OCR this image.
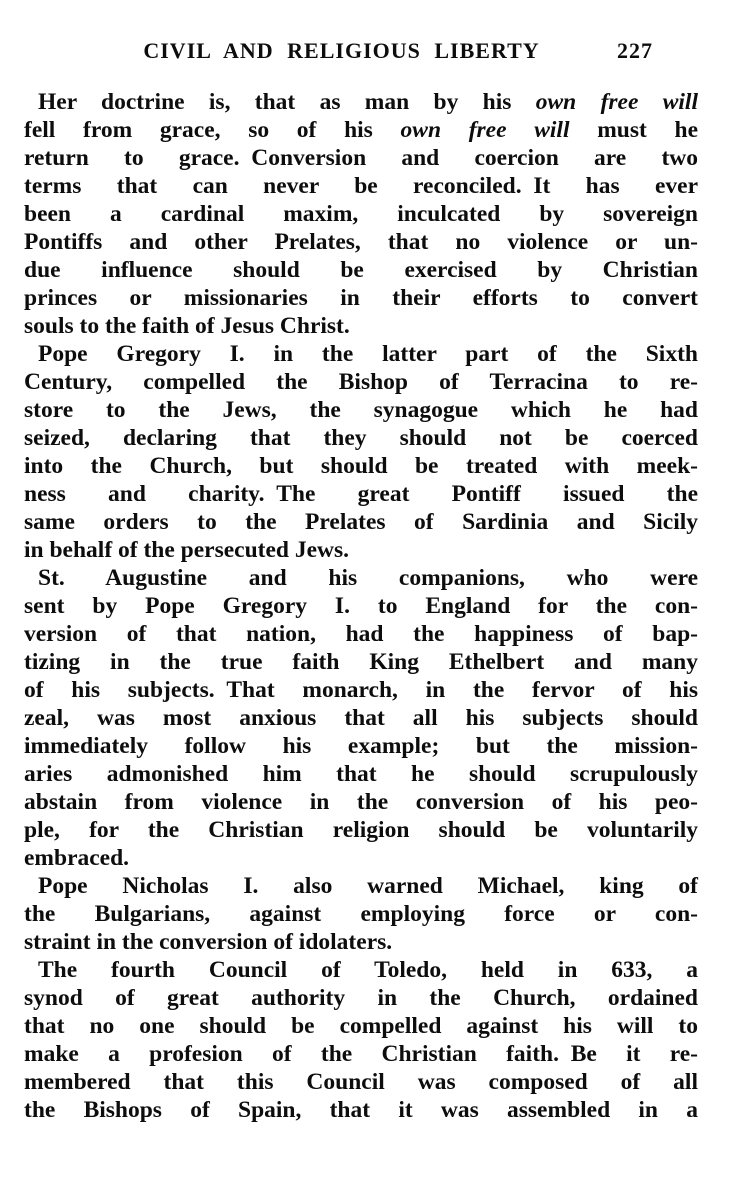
CIVIL AND RELIGIOUS LIBERTY	227
Her doctrine is, that as man by his own free will
fell from grace, so of his own free will must he
return to grace. Conversion and coercion are two
terms that can never be reconciled. It has ever
been a cardinal maxim, inculcated by sovereign
Pontiffs and other Prelates, that no violence or un-
due influence should be exercised by Christian
princes or missionaries in their efforts to convert
souls to the faith of Jesus Christ.
Pope Gregory I. in the latter part of the Sixth
Century, compelled the Bishop of Terracina to re-
store to the Jews, the synagogue which he had
seized, declaring that they should not be coerced
into the Church, but should be treated with meek-
ness and charity. The great Pontiff issued the
same orders to the Prelates of Sardinia and Sicily
in behalf of the persecuted Jews.
St. Augustine and his companions, who were
sent by Pope Gregory I. to England for the con-
version of that nation, had the happiness of bap-
tizing in the true faith King Ethelbert and many
of his subjects. That monarch, in the fervor of his
zeal, was most anxious that all his subjects should
immediately follow his example; but the mission-
aries admonished him that he should scrupulously
abstain from violence in the conversion of his peo-
ple, for the Christian religion should be voluntarily
embraced.
Pope Nicholas I. also warned Michael, king of
the Bulgarians, against employing force or con-
straint in the conversion of idolaters.
The fourth Council of Toledo, held in 633, a
synod of great authority in the Church, ordained
that no one should be compelled against his will to
make a profesion of the Christian faith. Be it re-
membered that this Council was composed of all
the Bishops of Spain, that it was assembled in a
